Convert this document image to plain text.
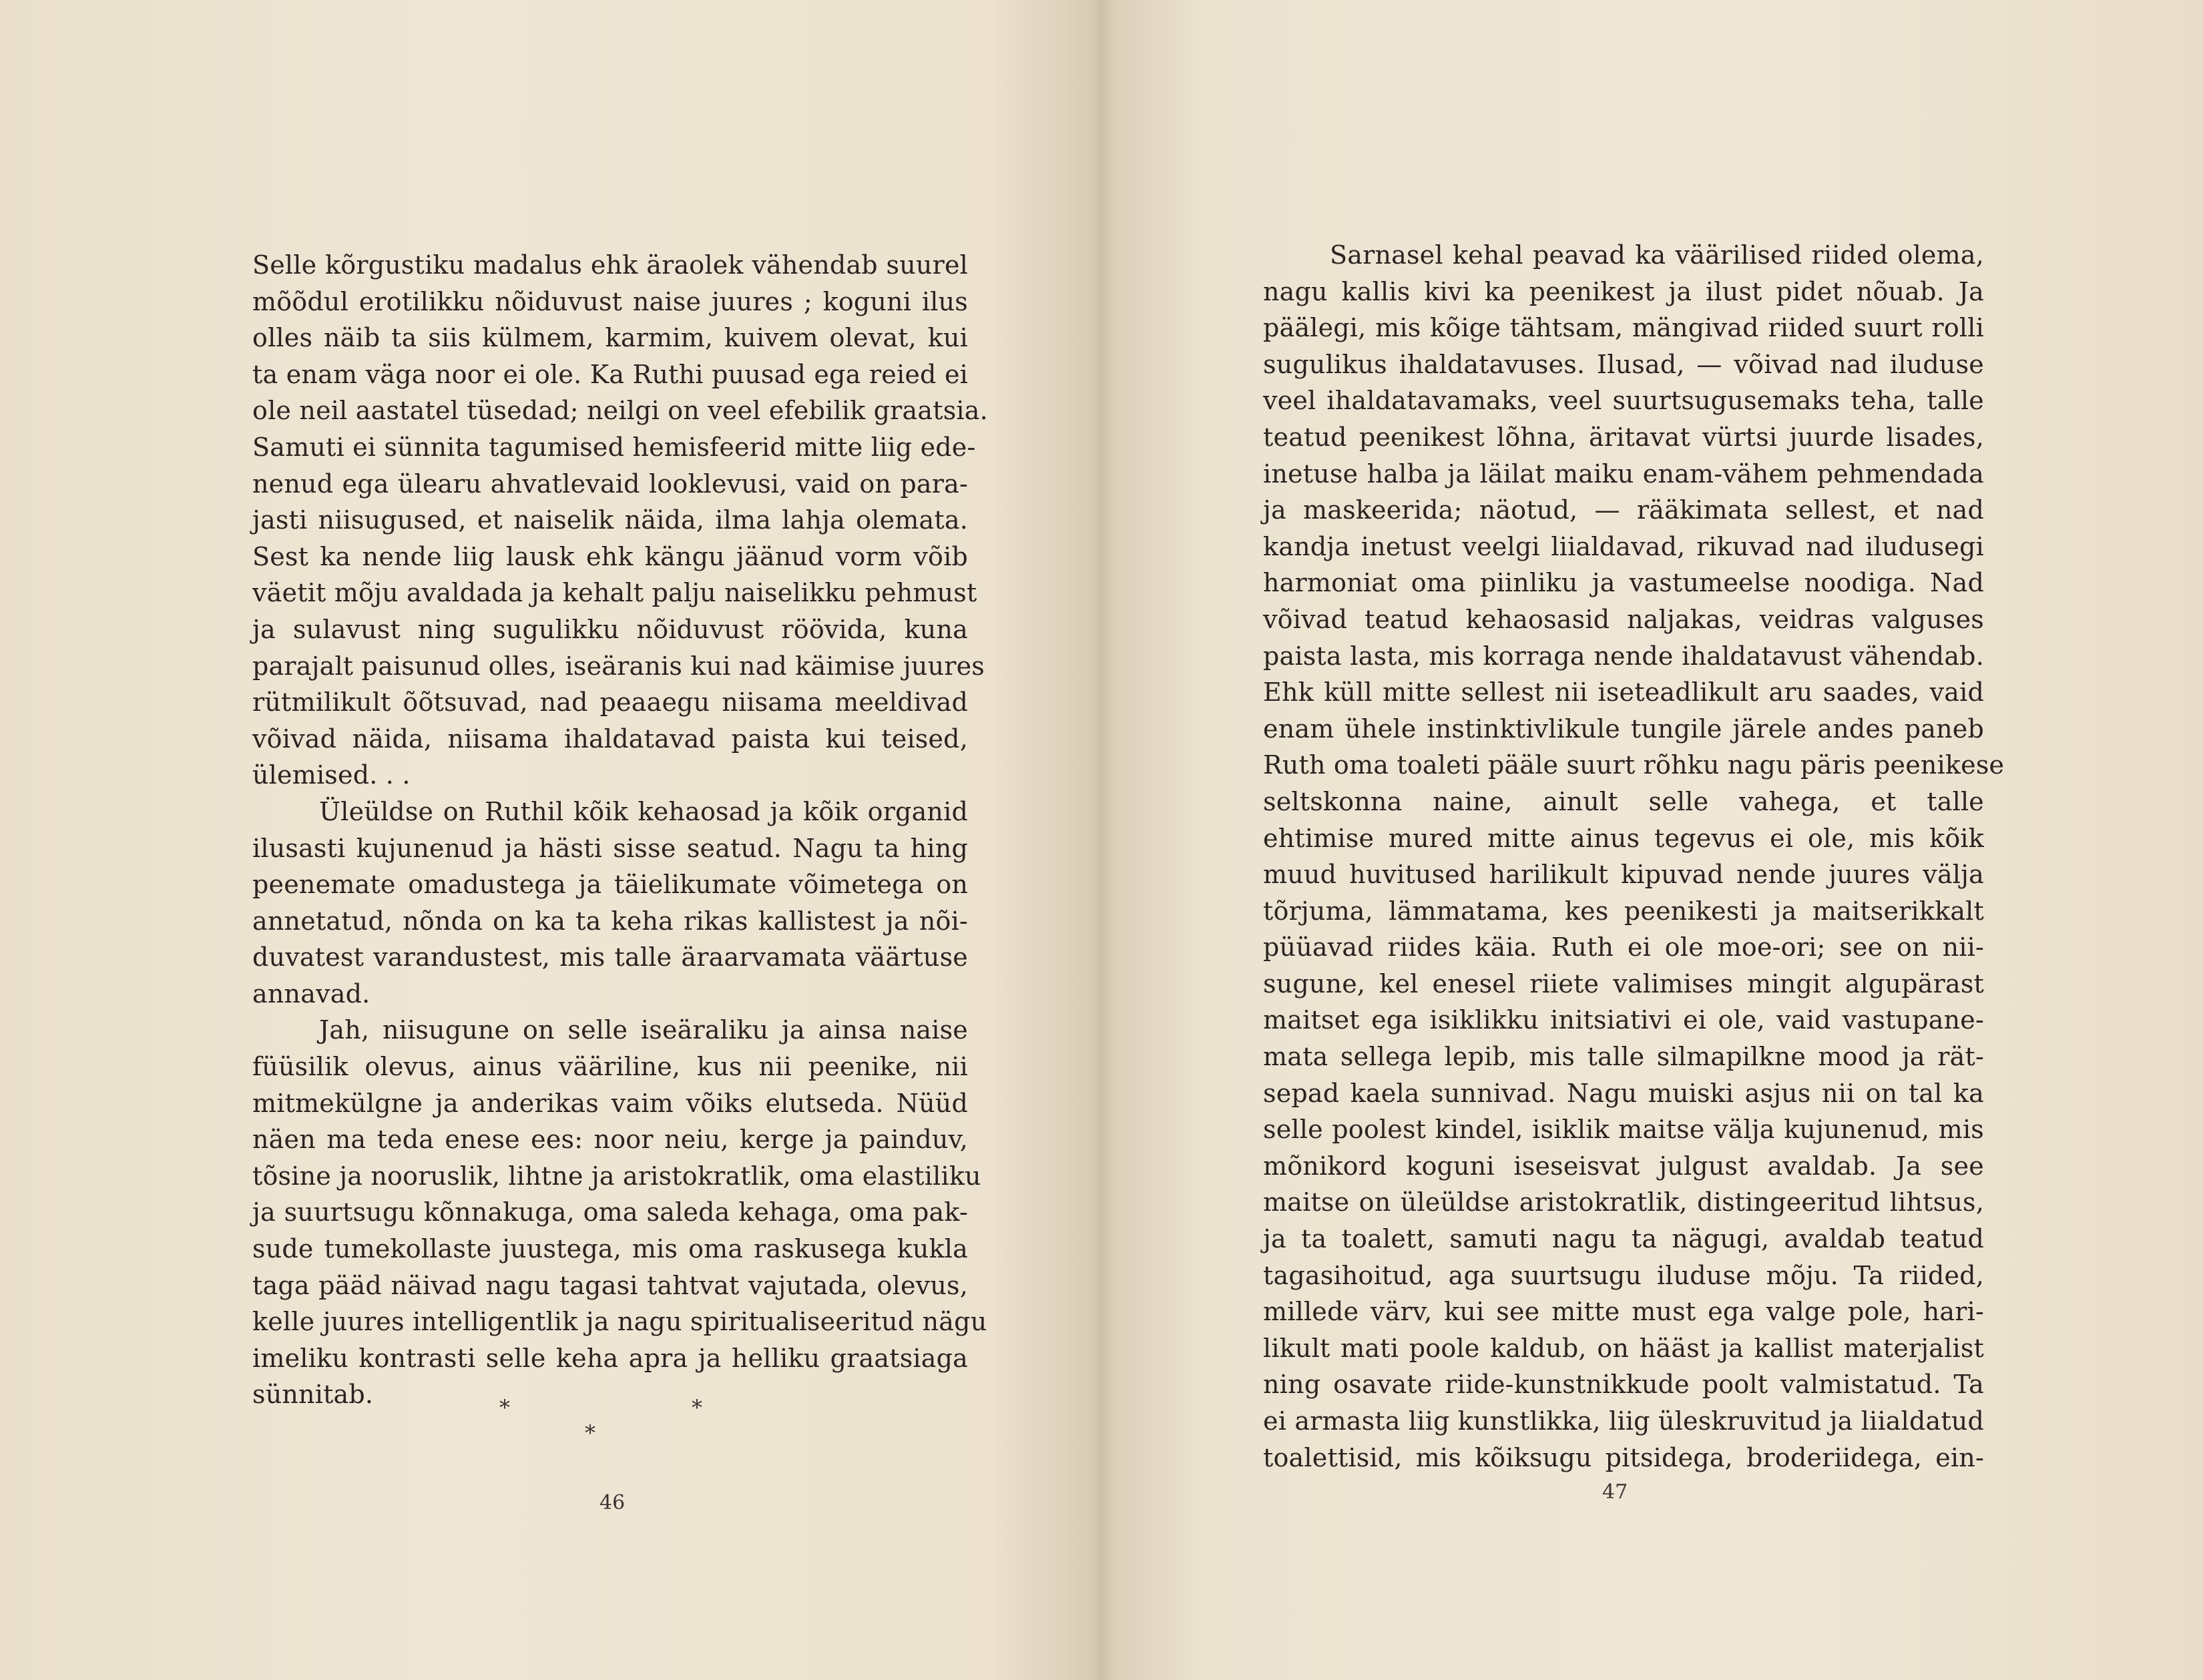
Selle kõrgustiku madalus ehk äraolek vähendab suurel
mõõdul erotilikku nõiduvust naise juures ; koguni ilus
olles näib ta siis külmem, karmim, kuivem olevat, kui
ta enam väga noor ei ole. Ka Ruthi puusad ega reied ei
ole neil aastatel tüsedad; neilgi on veel efebilik graatsia.
Samuti ei sünnita tagumised hemisfeerid mitte liig ede-
nenud ega ülearu ahvatlevaid looklevusi, vaid on para-
jasti niisugused, et naiselik näida, ilma lahja olemata.
Sest ka nende liig lausk ehk kängu jäänud vorm võib
väetit mõju avaldada ja kehalt palju naiselikku pehmust
ja sulavust ning sugulikku nõiduvust röövida, kuna
parajalt paisunud olles, iseäranis kui nad käimise juures
rütmilikult õõtsuvad, nad peaaegu niisama meeldivad
võivad näida, niisama ihaldatavad paista kui teised,
ülemised. . .
Üleüldse on Ruthil kõik kehaosad ja kõik organid
ilusasti kujunenud ja hästi sisse seatud. Nagu ta hing
peenemate omadustega ja täielikumate võimetega on
annetatud, nõnda on ka ta keha rikas kallistest ja nõi-
duvatest varandustest, mis talle äraarvamata väärtuse
annavad.
Jah, niisugune on selle iseäraliku ja ainsa naise
füüsilik olevus, ainus vääriline, kus nii peenike, nii
mitmekülgne ja anderikas vaim võiks elutseda. Nüüd
näen ma teda enese ees: noor neiu, kerge ja painduv,
tõsine ja nooruslik, lihtne ja aristokratlik, oma elastiliku
ja suurtsugu kõnnakuga, oma saleda kehaga, oma pak-
sude tumekollaste juustega, mis oma raskusega kukla
taga pääd näivad nagu tagasi tahtvat vajutada, olevus,
kelle juures intelligentlik ja nagu spiritualiseeritud nägu
imeliku kontrasti selle keha apra ja helliku graatsiaga
sünnitab.	*
*
*
46
Sarnasel kehal peavad ka väärilised riided olema,
nagu kallis kivi ka peenikest ja ilust pidet nõuab. Ja
päälegi, mis kõige tähtsam, mängivad riided suurt rolli
sugulikus ihaldatavuses. Ilusad, — võivad nad iluduse
veel ihaldatavamaks, veel suurtsugusemaks teha, talle
teatud peenikest lõhna, äritavat vürtsi juurde lisades,
inetuse halba ja läilat maiku enam-vähem pehmendada
ja maskeerida; näotud, — rääkimata sellest, et nad
kandja inetust veelgi liialdavad, rikuvad nad iludusegi
harmoniat oma piinliku ja vastumeelse noodiga. Nad
võivad teatud kehaosasid naljakas, veidras valguses
paista lasta, mis korraga nende ihaldatavust vähendab.
Ehk küll mitte sellest nii iseteadlikult aru saades, vaid
enam ühele instinktivlikule tungile järele andes paneb
Ruth oma toaleti pääle suurt rõhku nagu päris peenikese
seltskonna naine, ainult selle vahega, et talle
ehtimise mured mitte ainus tegevus ei ole, mis kõik
muud huvitused harilikult kipuvad nende juures välja
tõrjuma, lämmatama, kes peenikesti ja maitserikkalt
püüavad riides käia. Ruth ei ole moe-ori; see on nii-
sugune, kel enesel riiete valimises mingit algupärast
maitset ega isiklikku initsiativi ei ole, vaid vastupane-
mata sellega lepib, mis talle silmapilkne mood ja rät-
sepad kaela sunnivad. Nagu muiski asjus nii on tal ka
selle poolest kindel, isiklik maitse välja kujunenud, mis
mõnikord koguni iseseisvat julgust avaldab. Ja see
maitse on üleüldse aristokratlik, distingeeritud lihtsus,
ja ta toalett, samuti nagu ta nägugi, avaldab teatud
tagasihoitud, aga suurtsugu iluduse mõju. Ta riided,
millede värv, kui see mitte must ega valge pole, hari-
likult mati poole kaldub, on hääst ja kallist materjalist
ning osavate riide-kunstnikkude poolt valmistatud. Ta
ei armasta liig kunstlikka, liig üleskruvitud ja liialdatud
toalettisid, mis kõiksugu pitsidega, broderiidega, ein-
47
